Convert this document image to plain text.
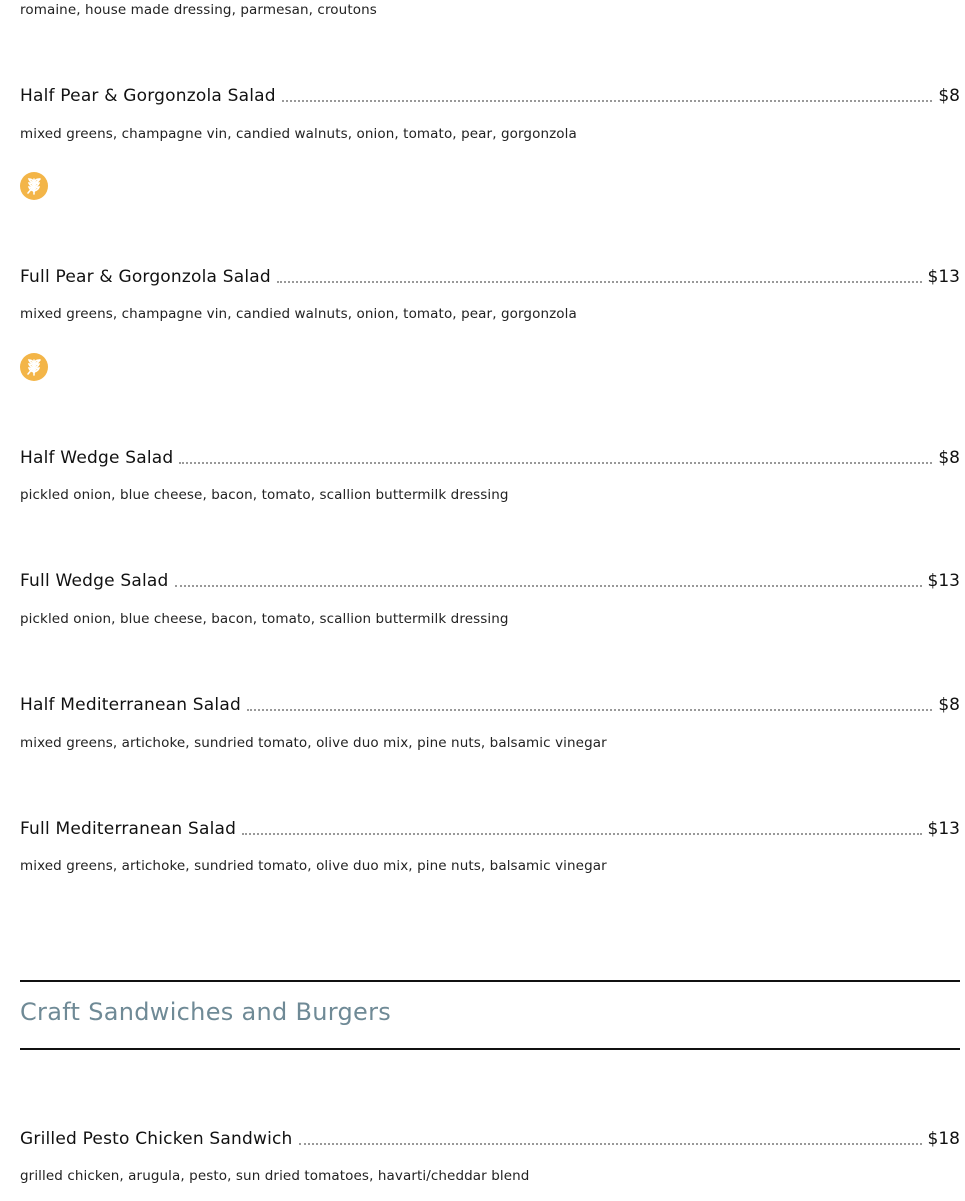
romaine, house made dressing, parmesan, croutons
Half Pear & Gorgonzola Salad	$8
mixed greens, champagne vin, candied walnuts, onion, tomato, pear, gorgonzola
Full Pear & Gorgonzola Salad	$13
mixed greens, champagne vin, candied walnuts, onion, tomato, pear, gorgonzola
Half Wedge Salad	$8
pickled onion, blue cheese, bacon, tomato, scallion buttermilk dressing
Full Wedge Salad	$13
pickled onion, blue cheese, bacon, tomato, scallion buttermilk dressing
Half Mediterranean Salad	$8
mixed greens, artichoke, sundried tomato, olive duo mix, pine nuts, balsamic vinegar
Full Mediterranean Salad	$13
mixed greens, artichoke, sundried tomato, olive duo mix, pine nuts, balsamic vinegar
Craft Sandwiches and Burgers
Grilled Pesto Chicken Sandwich	$18
grilled chicken, arugula, pesto, sun dried tomatoes, havarti/cheddar blend
